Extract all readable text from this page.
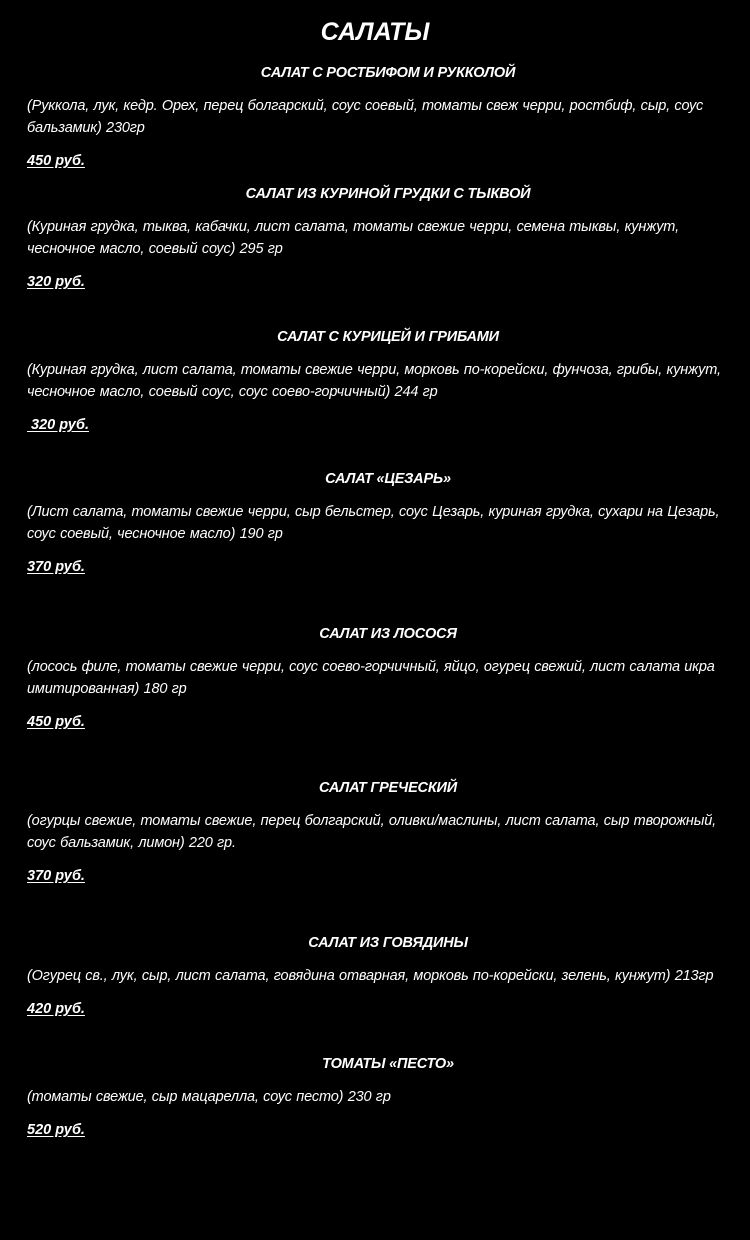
САЛАТЫ
САЛАТ С РОСТБИФОМ И РУККОЛОЙ
(Руккола, лук, кедр. Орех, перец болгарский, соус соевый, томаты свеж черри, ростбиф, сыр, соус бальзамик) 230гр
450 руб.
САЛАТ ИЗ КУРИНОЙ ГРУДКИ С ТЫКВОЙ
(Куриная грудка, тыква, кабачки, лист салата, томаты свежие черри, семена тыквы, кунжут, чесночное масло, соевый соус) 295 гр
320 руб.
САЛАТ С КУРИЦЕЙ И ГРИБАМИ
(Куриная грудка, лист салата, томаты свежие черри, морковь по-корейски, фунчоза, грибы, кунжут, чесночное масло, соевый соус, соус соево-горчичный) 244 гр
320 руб.
САЛАТ «ЦЕЗАРЬ»
(Лист салата, томаты свежие черри, сыр бельстер, соус Цезарь, куриная грудка, сухари на Цезарь, соус соевый, чесночное масло) 190 гр
370 руб.
САЛАТ ИЗ ЛОСОСЯ
(лосось филе, томаты свежие черри, соус соево-горчичный, яйцо, огурец свежий, лист салата икра имитированная) 180 гр
450 руб.
САЛАТ ГРЕЧЕСКИЙ
(огурцы свежие, томаты свежие, перец болгарский, оливки/маслины, лист салата, сыр творожный, соус бальзамик, лимон) 220 гр.
370 руб.
САЛАТ ИЗ ГОВЯДИНЫ
(Огурец св., лук, сыр, лист салата, говядина отварная, морковь по-корейски, зелень, кунжут) 213гр
420 руб.
ТОМАТЫ «ПЕСТО»
(томаты свежие, сыр мацарелла, соус песто) 230 гр
520 руб.
